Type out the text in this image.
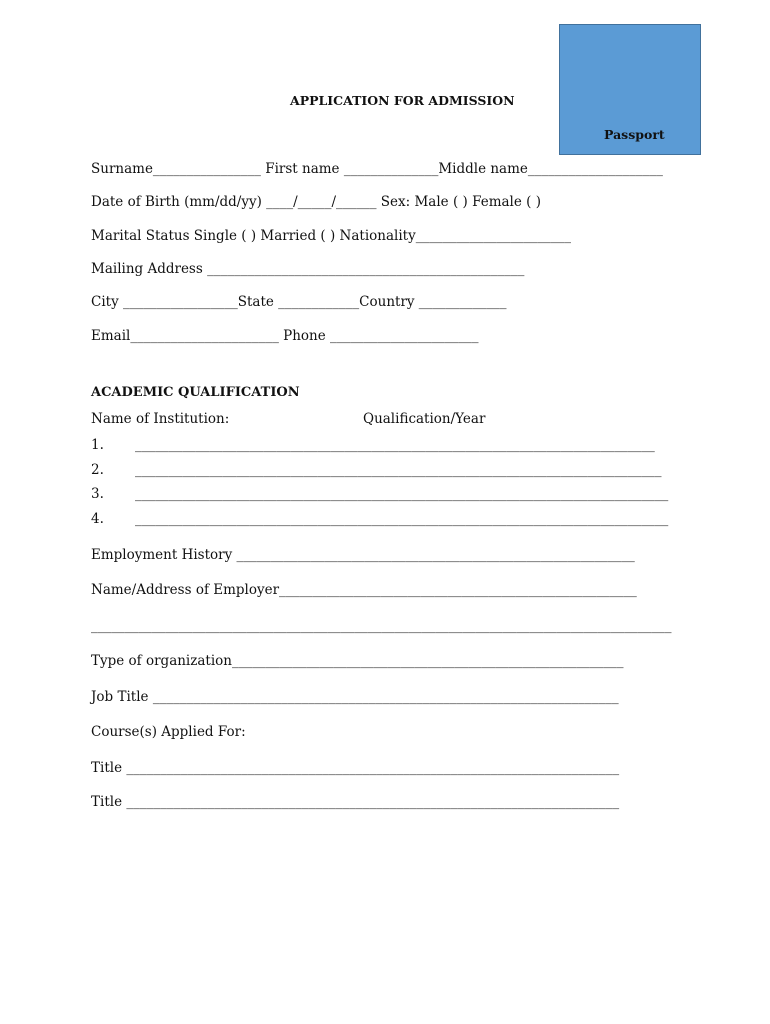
Passport
APPLICATION FOR ADMISSION
Surname________________ First name ______________Middle name____________________
Date of Birth (mm/dd/yy) ____/_____/______ Sex: Male ( ) Female ( )
Marital Status Single ( ) Married ( ) Nationality_______________________
Mailing Address _______________________________________________
City _________________State ____________Country _____________
Email______________________ Phone ______________________
ACADEMIC QUALIFICATION
Name of Institution:	Qualification/Year
1. _____________________________________________________________________________
2. ______________________________________________________________________________
3. _______________________________________________________________________________
4. _______________________________________________________________________________
Employment History ___________________________________________________________
Name/Address of Employer_____________________________________________________
______________________________________________________________________________________
Type of organization__________________________________________________________
Job Title _____________________________________________________________________
Course(s) Applied For:
Title _________________________________________________________________________
Title _________________________________________________________________________
